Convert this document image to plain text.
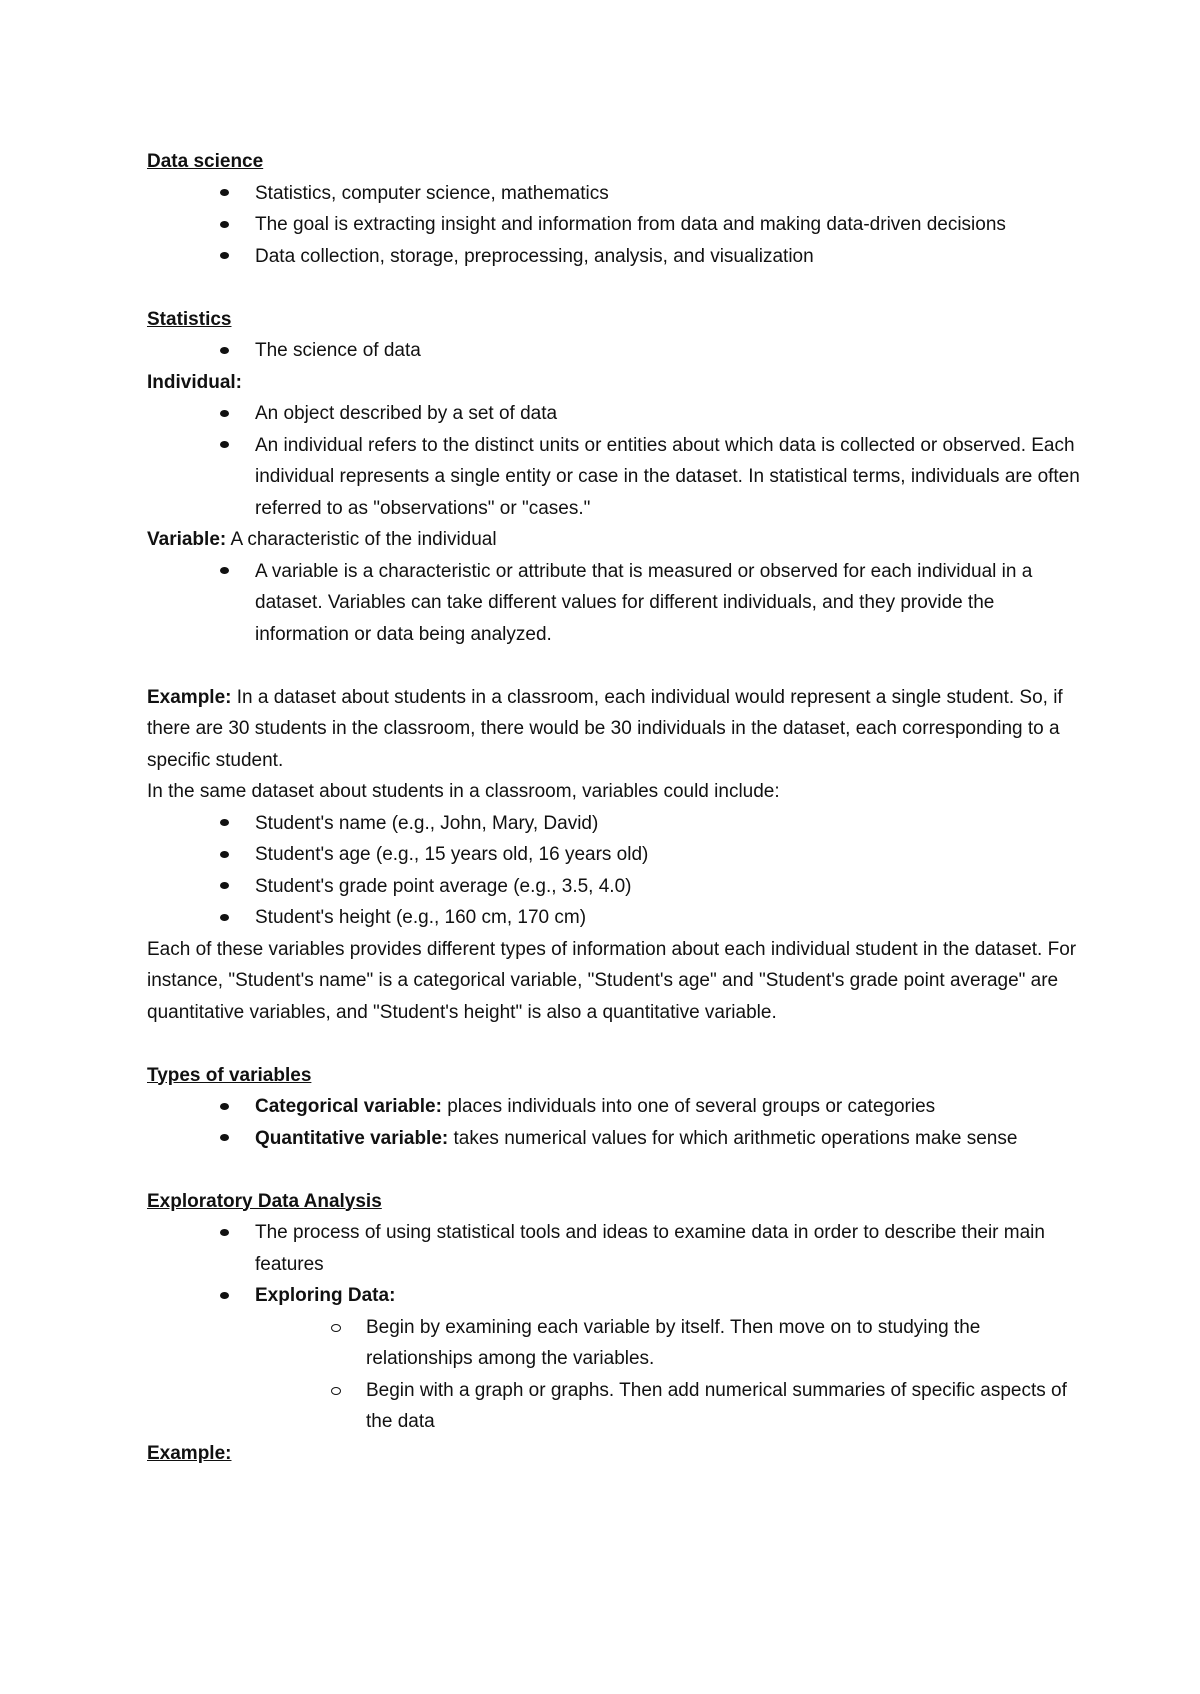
Data science
Statistics, computer science, mathematics
The goal is extracting insight and information from data and making data-driven decisions
Data collection, storage, preprocessing, analysis, and visualization
Statistics
The science of data
Individual:
An object described by a set of data
An individual refers to the distinct units or entities about which data is collected or observed. Each individual represents a single entity or case in the dataset. In statistical terms, individuals are often referred to as "observations" or "cases."
Variable: A characteristic of the individual
A variable is a characteristic or attribute that is measured or observed for each individual in a dataset. Variables can take different values for different individuals, and they provide the information or data being analyzed.
Example: In a dataset about students in a classroom, each individual would represent a single student. So, if there are 30 students in the classroom, there would be 30 individuals in the dataset, each corresponding to a specific student.
In the same dataset about students in a classroom, variables could include:
Student's name (e.g., John, Mary, David)
Student's age (e.g., 15 years old, 16 years old)
Student's grade point average (e.g., 3.5, 4.0)
Student's height (e.g., 160 cm, 170 cm)
Each of these variables provides different types of information about each individual student in the dataset. For instance, "Student's name" is a categorical variable, "Student's age" and "Student's grade point average" are quantitative variables, and "Student's height" is also a quantitative variable.
Types of variables
Categorical variable: places individuals into one of several groups or categories
Quantitative variable: takes numerical values for which arithmetic operations make sense
Exploratory Data Analysis
The process of using statistical tools and ideas to examine data in order to describe their main features
Exploring Data:
Begin by examining each variable by itself. Then move on to studying the relationships among the variables.
Begin with a graph or graphs. Then add numerical summaries of specific aspects of the data
Example:
